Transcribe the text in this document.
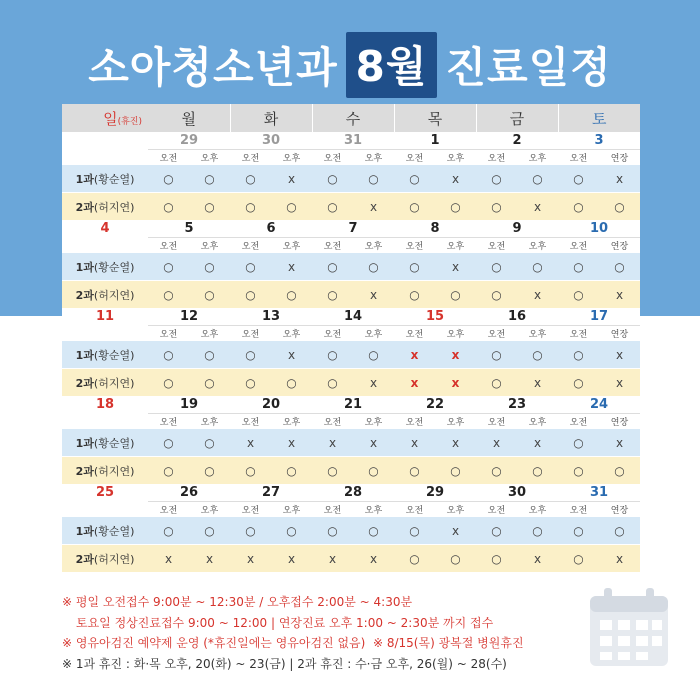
소아청소년과 8월 진료일정
일(휴진)	월		화		수		목		금		토	
	29		30		31		1		2		3	
	오전	오후	오전	오후	오전	오후	오전	오후	오전	오후	오전	연장
1과(황순열)	○	○	○	x	○	○	○	x	○	○	○	x
2과(허지연)	○	○	○	○	○	x	○	○	○	x	○	○
4	5		6		7		8		9		10	
	오전	오후	오전	오후	오전	오후	오전	오후	오전	오후	오전	연장
1과(황순열)	○	○	○	x	○	○	○	x	○	○	○	○
2과(허지연)	○	○	○	○	○	x	○	○	○	x	○	x
11	12		13		14		15		16		17	
	오전	오후	오전	오후	오전	오후	오전	오후	오전	오후	오전	연장
1과(황순열)	○	○	○	x	○	○	x	x	○	○	○	x
2과(허지연)	○	○	○	○	○	x	x	x	○	x	○	x
18	19		20		21		22		23		24	
	오전	오후	오전	오후	오전	오후	오전	오후	오전	오후	오전	연장
1과(황순열)	○	○	x	x	x	x	x	x	x	x	○	x
2과(허지연)	○	○	○	○	○	○	○	○	○	○	○	○
25	26		27		28		29		30		31	
	오전	오후	오전	오후	오전	오후	오전	오후	오전	오후	오전	연장
1과(황순열)	○	○	○	○	○	○	○	x	○	○	○	○
2과(허지연)	x	x	x	x	x	x	○	○	○	x	○	x
※ 평일 오전접수 9:00분 ~ 12:30분 / 오후접수 2:00분 ~ 4:30분
토요일 정상진료접수 9:00 ~ 12:00 | 연장진료 오후 1:00 ~ 2:30분 까지 접수
※ 영유아검진 예약제 운영 (*휴진일에는 영유아검진 없음) ※ 8/15(목) 광복절 병원휴진
※ 1과 휴진 : 화·목 오후, 20(화) ~ 23(금) | 2과 휴진 : 수·금 오후, 26(월) ~ 28(수)
